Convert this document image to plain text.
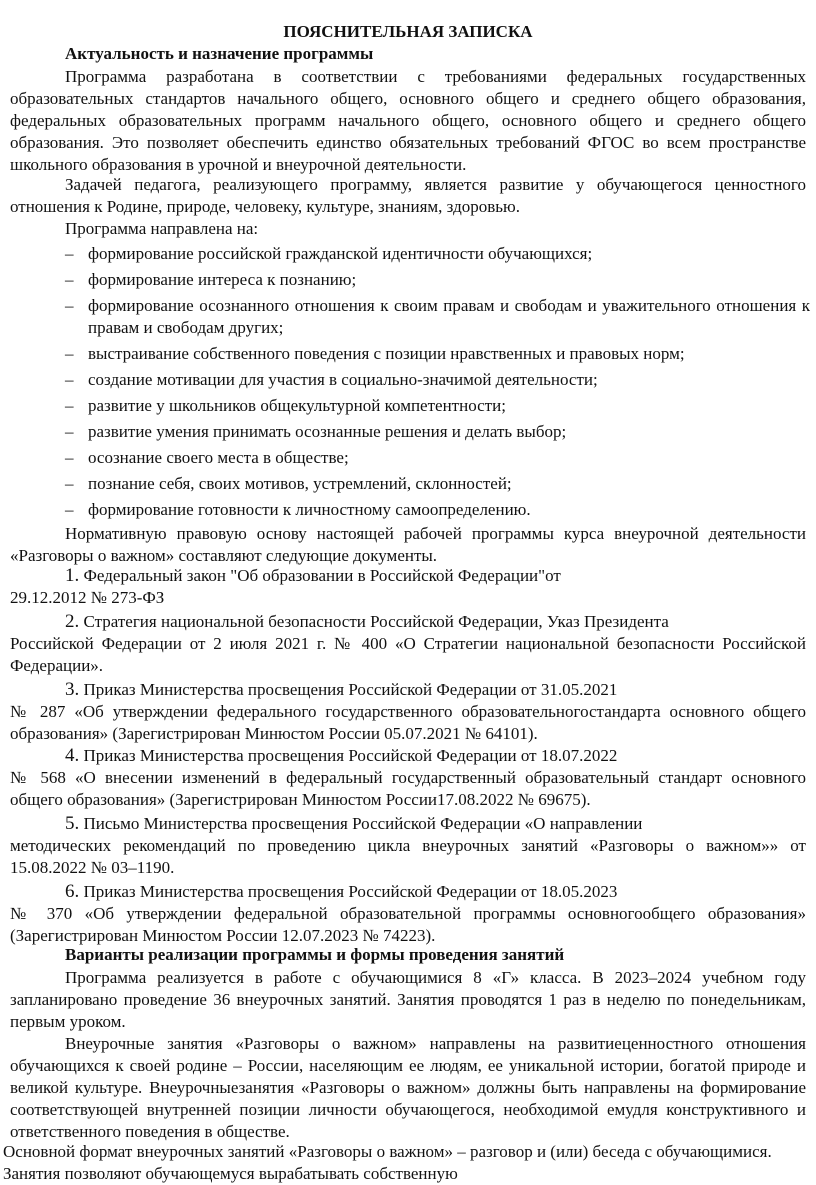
ПОЯСНИТЕЛЬНАЯ ЗАПИСКА
Актуальность и назначение программы

Программа разработана в соответствии с требованиями федеральных государственных образовательных стандартов начального общего, основного общего и среднего общего образования, федеральных образовательных программ начального общего, основного общего и среднего общего образования. Это позволяет обеспечить единство обязательных требований ФГОС во всем пространстве школьного образования в урочной и внеурочной деятельности.

Задачей педагога, реализующего программу, является развитие у обучающегося ценностного отношения к Родине, природе, человеку, культуре, знаниям, здоровью.

Программа направлена на:

– формирование российской гражданской идентичности обучающихся;
– формирование интереса к познанию;
– формирование осознанного отношения к своим правам и свободам и уважительного отношения к правам и свободам других;
– выстраивание собственного поведения с позиции нравственных и правовых норм;
– создание мотивации для участия в социально-значимой деятельности;
– развитие у школьников общекультурной компетентности;
– развитие умения принимать осознанные решения и делать выбор;
– осознание своего места в обществе;
– познание себя, своих мотивов, устремлений, склонностей;
– формирование готовности к личностному самоопределению.

Нормативную правовую основу настоящей рабочей программы курса внеурочной деятельности «Разговоры о важном» составляют следующие документы.

1. Федеральный закон "Об образовании в Российской Федерации"от
29.12.2012 № 273-ФЗ
2. Стратегия национальной безопасности Российской Федерации, Указ Президента
Российской Федерации от 2 июля 2021 г. № 400 «О Стратегии национальной безопасности Российской Федерации».
3. Приказ Министерства просвещения Российской Федерации от 31.05.2021
№ 287 «Об утверждении федерального государственного образовательногостандарта основного общего образования» (Зарегистрирован Минюстом России 05.07.2021 № 64101).
4. Приказ Министерства просвещения Российской Федерации от 18.07.2022
№ 568 «О внесении изменений в федеральный государственный образовательный стандарт основного общего образования» (Зарегистрирован Минюстом России17.08.2022 № 69675).
5. Письмо Министерства просвещения Российской Федерации «О направлении
методических рекомендаций по проведению цикла внеурочных занятий «Разговоры о важном»» от 15.08.2022 № 03–1190.
6. Приказ Министерства просвещения Российской Федерации от 18.05.2023
№ 370 «Об утверждении федеральной образовательной программы основногообщего образования» (Зарегистрирован Минюстом России 12.07.2023 № 74223).
Варианты реализации программы и формы проведения занятий

Программа реализуется в работе с обучающимися 8 «Г» класса. В 2023–2024 учебном году запланировано проведение 36 внеурочных занятий. Занятия проводятся 1 раз в неделю по понедельникам, первым уроком.

Внеурочные занятия «Разговоры о важном» направлены на развитиеценностного отношения обучающихся к своей родине – России, населяющим ее людям, ее уникальной истории, богатой природе и великой культуре. Внеурочныезанятия «Разговоры о важном» должны быть направлены на формирование соответствующей внутренней позиции личности обучающегося, необходимой емудля конструктивного и ответственного поведения в обществе.

Основной формат внеурочных занятий «Разговоры о важном» – разговор и (или) беседа с обучающимися. Занятия позволяют обучающемуся вырабатывать собственную
